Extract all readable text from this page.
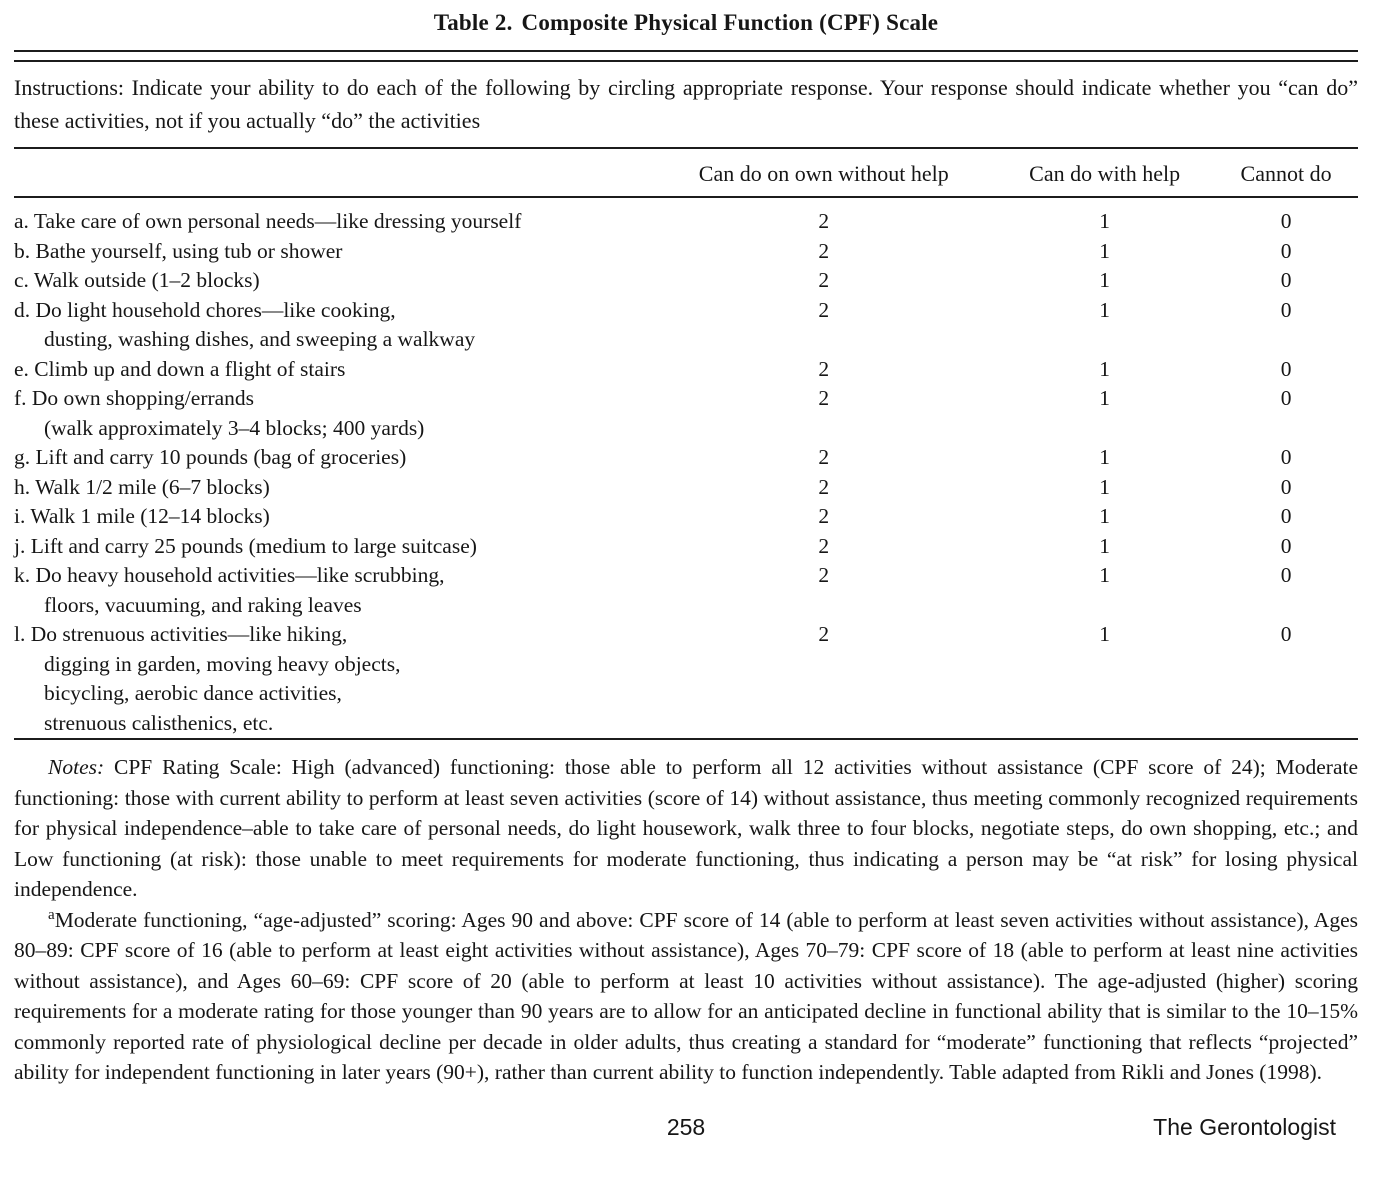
Table 2. Composite Physical Function (CPF) Scale

Instructions: Indicate your ability to do each of the following by circling appropriate response. Your response should indicate whether you “can do” these activities, not if you actually “do” the activities

	Can do on own without help	Can do with help	Cannot do

a. Take care of own personal needs—like dressing yourself	2	1	0

b. Bathe yourself, using tub or shower	2	1	0

c. Walk outside (1–2 blocks)	2	1	0

d. Do light household chores—like cooking,
dusting, washing dishes, and sweeping a walkway	2	1	0

e. Climb up and down a flight of stairs	2	1	0

f. Do own shopping/errands
(walk approximately 3–4 blocks; 400 yards)	2	1	0

g. Lift and carry 10 pounds (bag of groceries)	2	1	0

h. Walk 1/2 mile (6–7 blocks)	2	1	0

i. Walk 1 mile (12–14 blocks)	2	1	0

j. Lift and carry 25 pounds (medium to large suitcase)	2	1	0

k. Do heavy household activities—like scrubbing,
floors, vacuuming, and raking leaves	2	1	0

l. Do strenuous activities—like hiking,
digging in garden, moving heavy objects,
bicycling, aerobic dance activities,
strenuous calisthenics, etc.	2	1	0

Notes: CPF Rating Scale: High (advanced) functioning: those able to perform all 12 activities without assistance (CPF score of 24); Moderate functioning: those with current ability to perform at least seven activities (score of 14) without assistance, thus meeting commonly recognized requirements for physical independence–able to take care of personal needs, do light housework, walk three to four blocks, negotiate steps, do own shopping, etc.; and Low functioning (at risk): those unable to meet requirements for moderate functioning, thus indicating a person may be “at risk” for losing physical independence.

$^a$Moderate functioning, “age-adjusted” scoring: Ages 90 and above: CPF score of 14 (able to perform at least seven activities without assistance), Ages 80–89: CPF score of 16 (able to perform at least eight activities without assistance), Ages 70–79: CPF score of 18 (able to perform at least nine activities without assistance), and Ages 60–69: CPF score of 20 (able to perform at least 10 activities without assistance). The age-adjusted (higher) scoring requirements for a moderate rating for those younger than 90 years are to allow for an anticipated decline in functional ability that is similar to the 10–15% commonly reported rate of physiological decline per decade in older adults, thus creating a standard for “moderate” functioning that reflects “projected” ability for independent functioning in later years (90+), rather than current ability to function independently. Table adapted from Rikli and Jones (1998).

258	The Gerontologist
